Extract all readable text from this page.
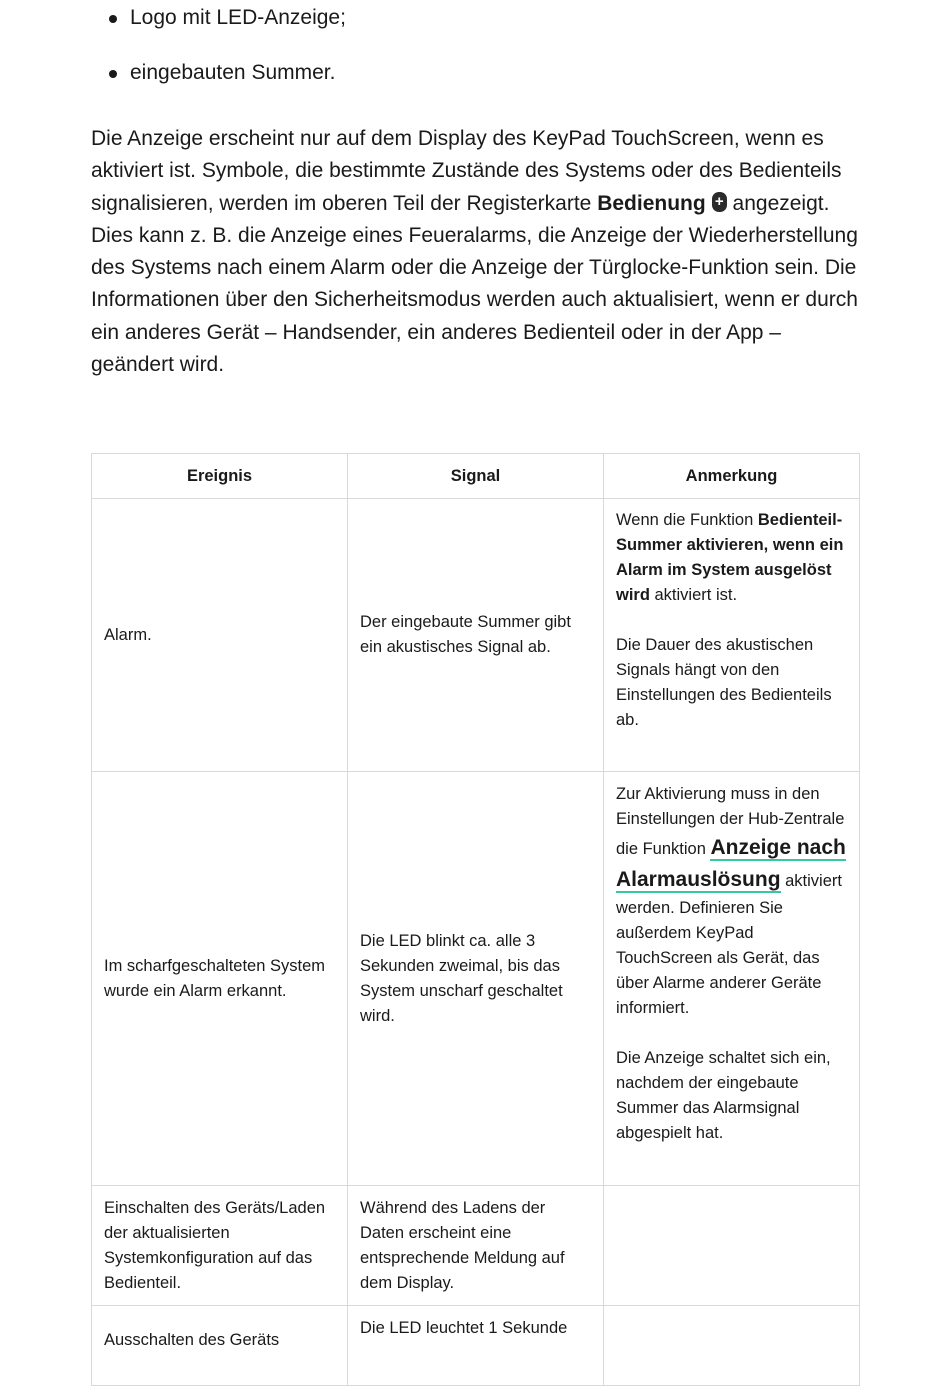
Logo mit LED-Anzeige;
eingebauten Summer.

Die Anzeige erscheint nur auf dem Display des KeyPad TouchScreen, wenn es aktiviert ist. Symbole, die bestimmte Zustände des Systems oder des Bedienteils signalisieren, werden im oberen Teil der Registerkarte Bedienung + angezeigt. Dies kann z. B. die Anzeige eines Feueralarms, die Anzeige der Wiederherstellung des Systems nach einem Alarm oder die Anzeige der Türglocke-Funktion sein. Die Informationen über den Sicherheitsmodus werden auch aktualisiert, wenn er durch ein anderes Gerät – Handsender, ein anderes Bedienteil oder in der App – geändert wird.

Ereignis	Signal	Anmerkung
Alarm.	Der eingebaute Summer gibt ein akustisches Signal ab.	Wenn die Funktion Bedienteil-Summer aktivieren, wenn ein Alarm im System ausgelöst wird aktiviert ist.
Die Dauer des akustischen Signals hängt von den Einstellungen des Bedienteils ab.

Im scharfgeschalteten System wurde ein Alarm erkannt.	Die LED blinkt ca. alle 3 Sekunden zweimal, bis das System unscharf geschaltet wird.	Zur Aktivierung muss in den Einstellungen der Hub-Zentrale die Funktion Anzeige nach Alarmauslösung aktiviert werden. Definieren Sie außerdem KeyPad TouchScreen als Gerät, das über Alarme anderer Geräte informiert.
Die Anzeige schaltet sich ein, nachdem der eingebaute Summer das Alarmsignal abgespielt hat.

Einschalten des Geräts/Laden der aktualisierten Systemkonfiguration auf das Bedienteil.	Während des Ladens der Daten erscheint eine entsprechende Meldung auf dem Display.	
Ausschalten des Geräts	Die LED leuchtet 1 Sekunde	
